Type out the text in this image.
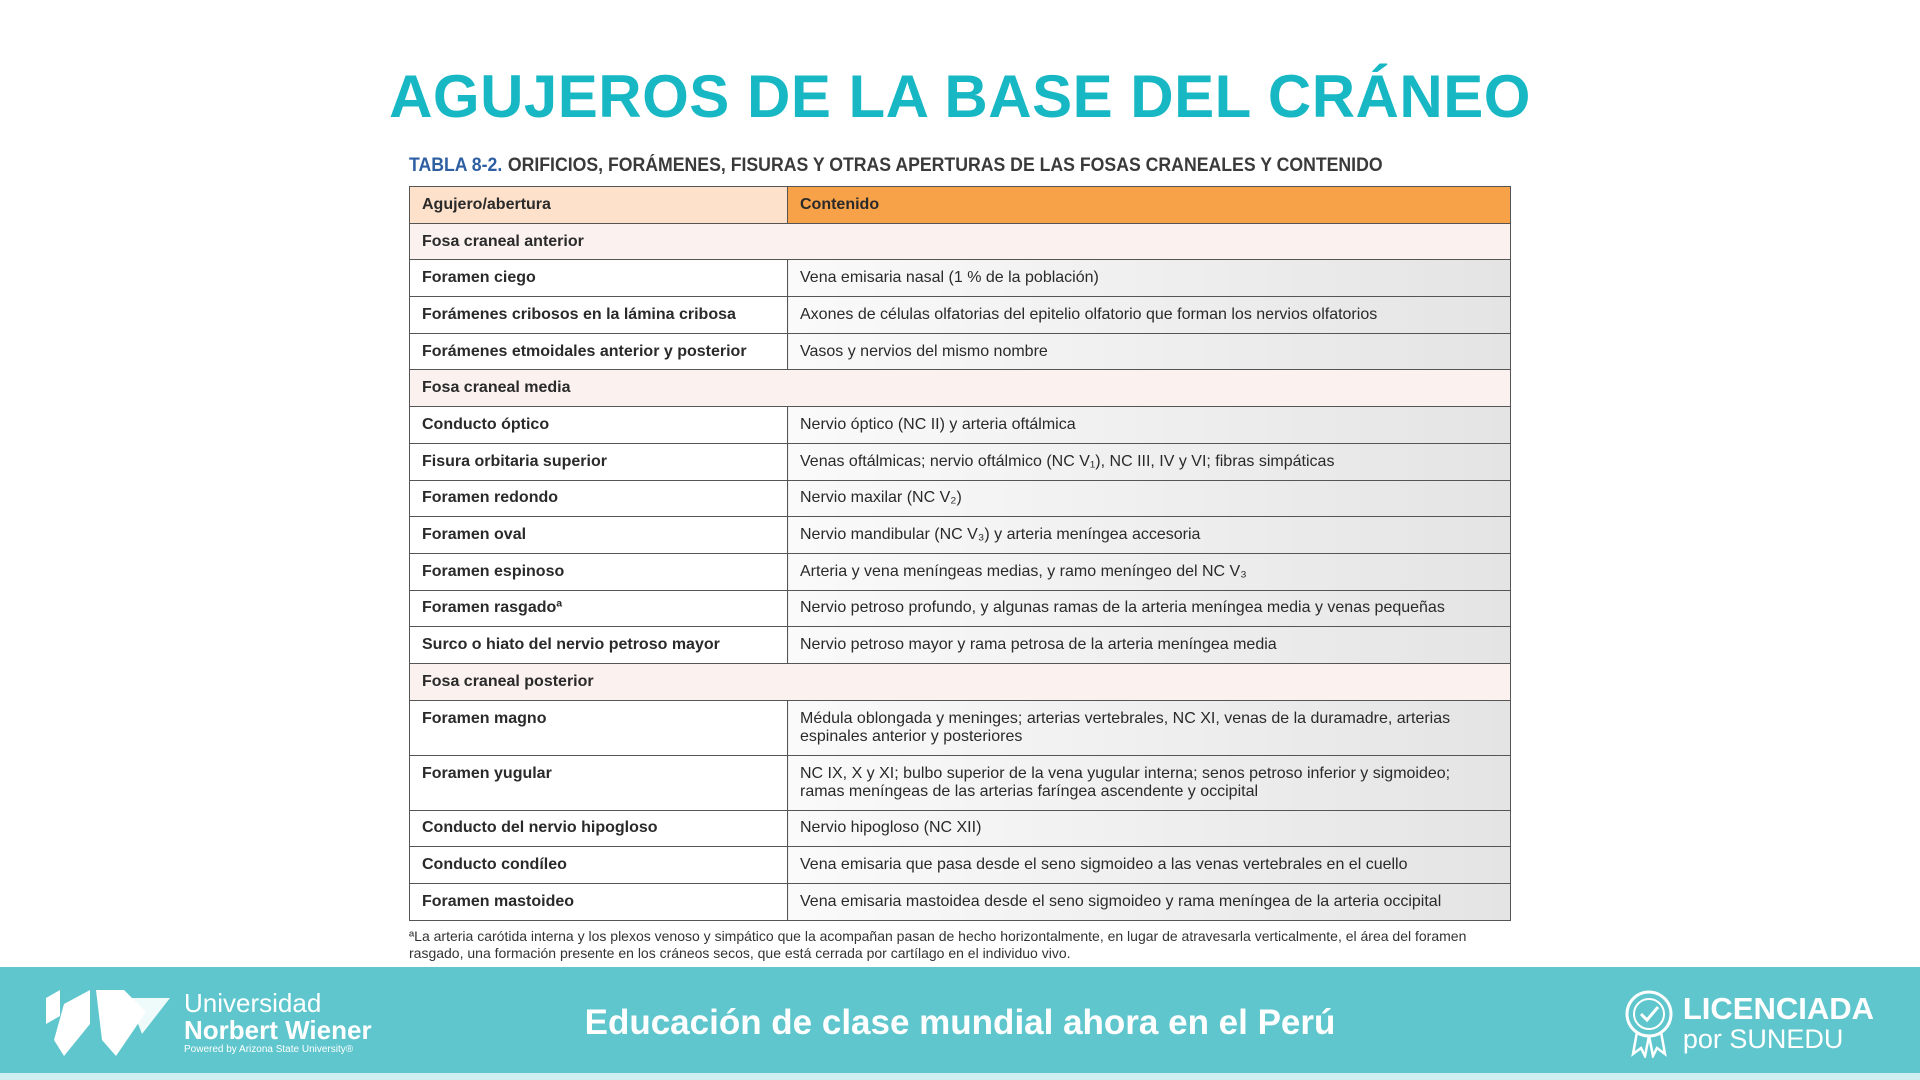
AGUJEROS DE LA BASE DEL CRÁNEO
TABLA 8-2. ORIFICIOS, FORÁMENES, FISURAS Y OTRAS APERTURAS DE LAS FOSAS CRANEALES Y CONTENIDO
Agujero/abertura	Contenido
Fosa craneal anterior	
Foramen ciego	Vena emisaria nasal (1 % de la población)
Forámenes cribosos en la lámina cribosa	Axones de células olfatorias del epitelio olfatorio que forman los nervios olfatorios
Forámenes etmoidales anterior y posterior	Vasos y nervios del mismo nombre
Fosa craneal media	
Conducto óptico	Nervio óptico (NC II) y arteria oftálmica
Fisura orbitaria superior	Venas oftálmicas; nervio oftálmico (NC V₁), NC III, IV y VI; fibras simpáticas
Foramen redondo	Nervio maxilar (NC V₂)
Foramen oval	Nervio mandibular (NC V₃) y arteria meníngea accesoria
Foramen espinoso	Arteria y vena meníngeas medias, y ramo meníngeo del NC V₃
Foramen rasgadoª	Nervio petroso profundo, y algunas ramas de la arteria meníngea media y venas pequeñas
Surco o hiato del nervio petroso mayor	Nervio petroso mayor y rama petrosa de la arteria meníngea media
Fosa craneal posterior	
Foramen magno	Médula oblongada y meninges; arterias vertebrales, NC XI, venas de la duramadre, arterias espinales anterior y posteriores
Foramen yugular	NC IX, X y XI; bulbo superior de la vena yugular interna; senos petroso inferior y sigmoideo; ramas meníngeas de las arterias faríngea ascendente y occipital
Conducto del nervio hipogloso	Nervio hipogloso (NC XII)
Conducto condíleo	Vena emisaria que pasa desde el seno sigmoideo a las venas vertebrales en el cuello
Foramen mastoideo	Vena emisaria mastoidea desde el seno sigmoideo y rama meníngea de la arteria occipital
ªLa arteria carótida interna y los plexos venoso y simpático que la acompañan pasan de hecho horizontalmente, en lugar de atravesarla verticalmente, el área del foramen rasgado, una formación presente en los cráneos secos, que está cerrada por cartílago en el individuo vivo.
Universidad
Norbert Wiener
Powered by Arizona State University®
Educación de clase mundial ahora en el Perú	LICENCIADA
por SUNEDU
